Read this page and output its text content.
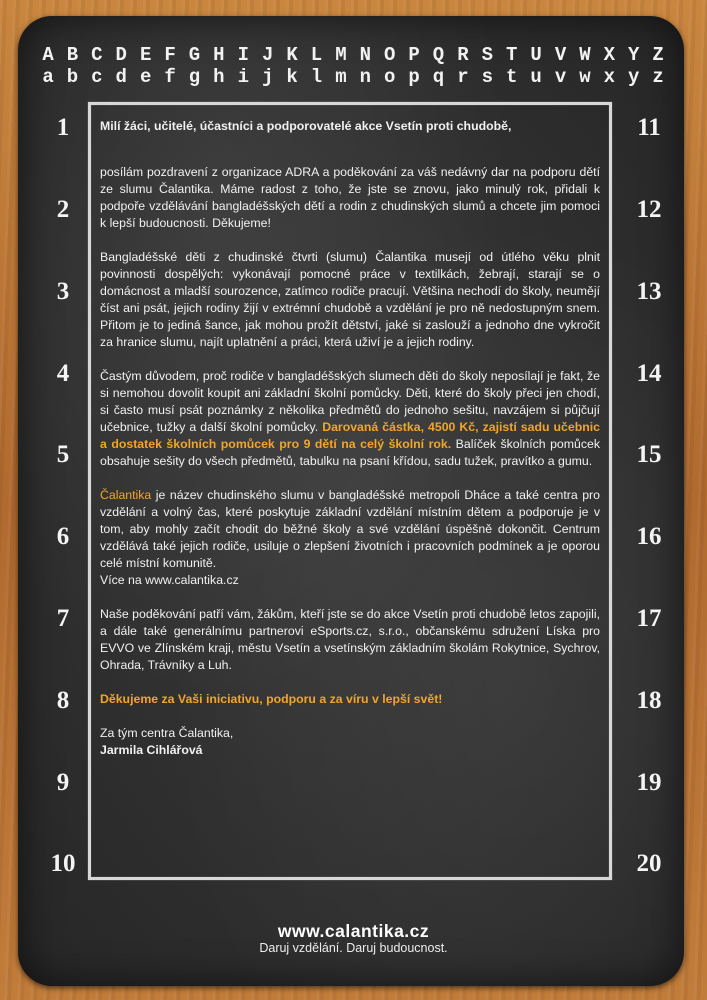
A B C D E F G H I J K L M N O P Q R S T U V W X Y Z
a b c d e f g h i j k l m n o p q r s t u v w x y z
1
2
3
4
5
6
7
8
9
10
11
12
13
14
15
16
17
18
19
20

Milí žáci, učitelé, účastníci a podporovatelé akce Vsetín proti chudobě,

posílám pozdravení z organizace ADRA a poděkování za váš nedávný dar na podporu dětí ze slumu Čalantika. Máme radost z toho, že jste se znovu, jako minulý rok, přidali k podpoře vzdělávání bangladéšských dětí a rodin z chudinských slumů a chcete jim pomoci k lepší budoucnosti. Děkujeme!

Bangladéšské děti z chudinské čtvrti (slumu) Čalantika musejí od útlého věku plnit povinnosti dospělých: vykonávají pomocné práce v textilkách, žebrají, starají se o domácnost a mladší sourozence, zatímco rodiče pracují. Většina nechodí do školy, neumějí číst ani psát, jejich rodiny žijí v extrémní chudobě a vzdělání je pro ně nedostupným snem. Přitom je to jediná šance, jak mohou prožít dětství, jaké si zaslouží a jednoho dne vykročit za hranice slumu, najít uplatnění a práci, která uživí je a jejich rodiny.

Častým důvodem, proč rodiče v bangladéšských slumech děti do školy neposílají je fakt, že si nemohou dovolit koupit ani základní školní pomůcky. Děti, které do školy přeci jen chodí, si často musí psát poznámky z několika předmětů do jednoho sešitu, navzájem si půjčují učebnice, tužky a další školní pomůcky. Darovaná částka, 4500 Kč, zajistí sadu učebnic a dostatek školních pomůcek pro 9 dětí na celý školní rok. Balíček školních pomůcek obsahuje sešity do všech předmětů, tabulku na psaní křídou, sadu tužek, pravítko a gumu.

Čalantika je název chudinského slumu v bangladéšské metropoli Dháce a také centra pro vzdělání a volný čas, které poskytuje základní vzdělání místním dětem a podporuje je v tom, aby mohly začít chodit do běžné školy a své vzdělání úspěšně dokončit. Centrum vzdělává také jejich rodiče, usiluje o zlepšení životních i pracovních podmínek a je oporou celé místní komunitě.

Více na www.calantika.cz

Naše poděkování patří vám, žákům, kteří jste se do akce Vsetín proti chudobě letos zapojili, a dále také generálnímu partnerovi eSports.cz, s.r.o., občanskému sdružení Líska pro EVVO ve Zlínském kraji, městu Vsetín a vsetínským základním školám Rokytnice, Sychrov, Ohrada, Trávníky a Luh.

Děkujeme za Vaši iniciativu, podporu a za víru v lepší svět!

Za tým centra Čalantika,

Jarmila Cihlářová

www.calantika.cz
Daruj vzdělání. Daruj budoucnost.
